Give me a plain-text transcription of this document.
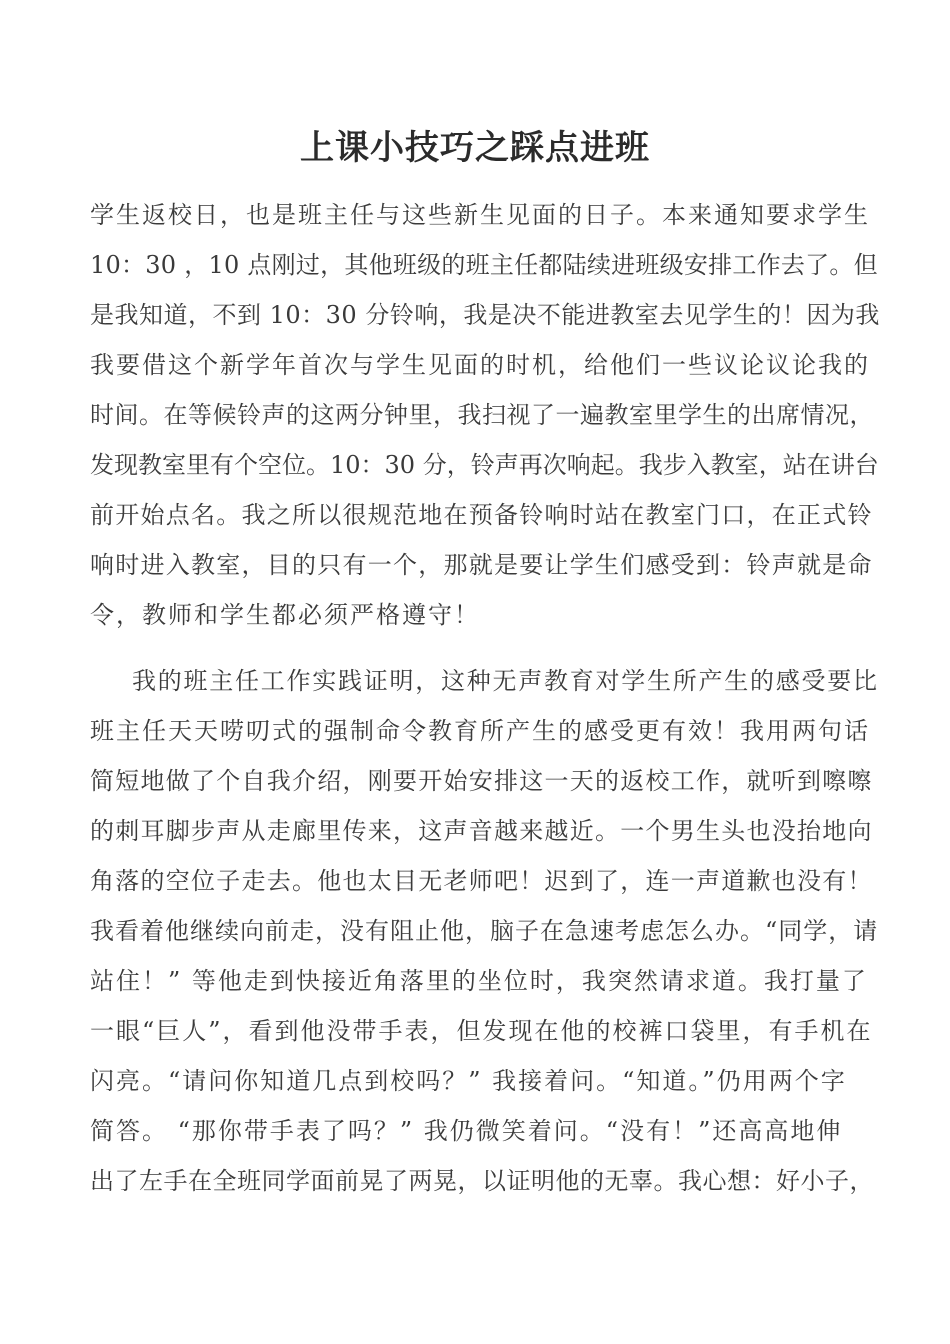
上课小技巧之踩点进班
学生返校日，也是班主任与这些新生见面的日子。本来通知要求学生
10：30 ，10 点刚过，其他班级的班主任都陆续进班级安排工作去了。但
是我知道，不到 10：30 分铃响，我是决不能进教室去见学生的！因为我
我要借这个新学年首次与学生见面的时机，给他们一些议论议论我的
时间。在等候铃声的这两分钟里，我扫视了一遍教室里学生的出席情况，
发现教室里有个空位。10：30 分，铃声再次响起。我步入教室，站在讲台
前开始点名。我之所以很规范地在预备铃响时站在教室门口，在正式铃
响时进入教室，目的只有一个，那就是要让学生们感受到：铃声就是命
令，教师和学生都必须严格遵守！
我的班主任工作实践证明，这种无声教育对学生所产生的感受要比
班主任天天唠叨式的强制命令教育所产生的感受更有效！我用两句话
简短地做了个自我介绍，刚要开始安排这一天的返校工作，就听到嚓嚓
的刺耳脚步声从走廊里传来，这声音越来越近。一个男生头也没抬地向
角落的空位子走去。他也太目无老师吧！迟到了，连一声道歉也没有！
我看着他继续向前走，没有阻止他，脑子在急速考虑怎么办。“同学，请
站住！” 等他走到快接近角落里的坐位时，我突然请求道。我打量了
一眼“巨人”，看到他没带手表，但发现在他的校裤口袋里，有手机在
闪亮。“请问你知道几点到校吗？” 我接着问。“知道。”仍用两个字
简答。 “那你带手表了吗？” 我仍微笑着问。“没有！”还高高地伸
出了左手在全班同学面前晃了两晃，以证明他的无辜。我心想：好小子，
